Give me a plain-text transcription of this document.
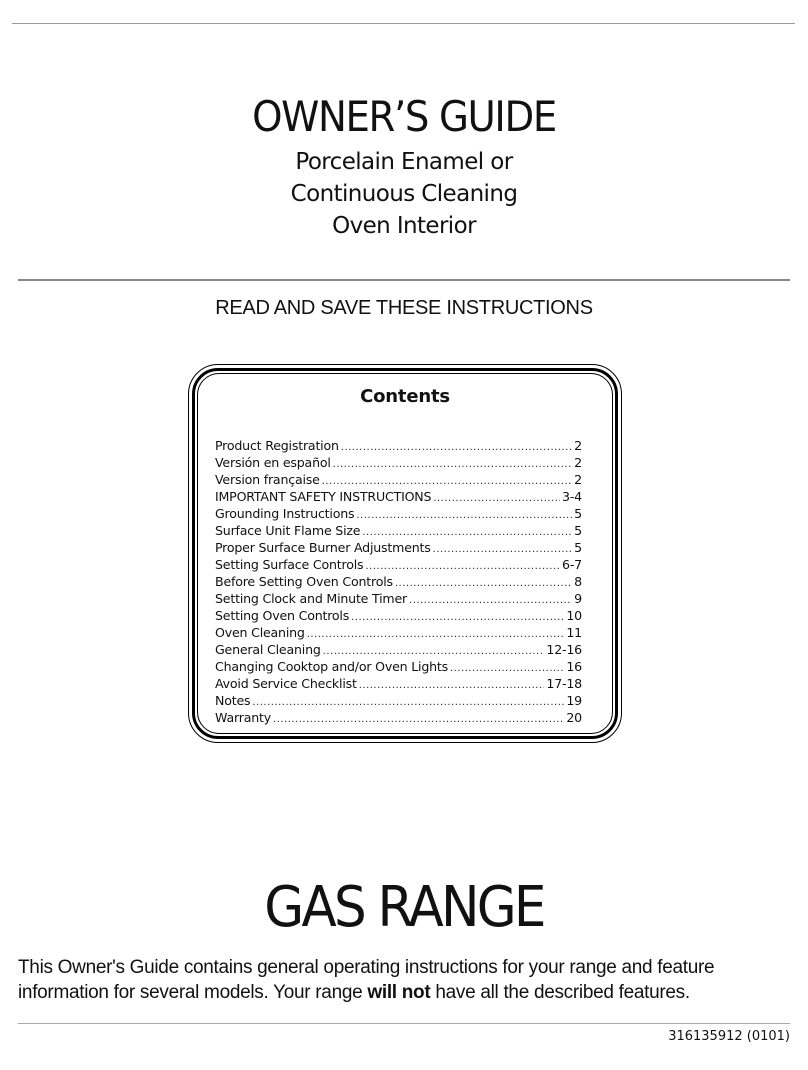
OWNER’S GUIDE
Porcelain Enamel or
Continuous Cleaning
Oven Interior
READ AND SAVE THESE INSTRUCTIONS
Contents
Product Registration .....	2
Versión en español .....	2
Version française .....	2
IMPORTANT SAFETY INSTRUCTIONS .....	3-4
Grounding Instructions .....	5
Surface Unit Flame Size .....	5
Proper Surface Burner Adjustments .....	5
Setting Surface Controls .....	6-7
Before Setting Oven Controls .....	8
Setting Clock and Minute Timer .....	9
Setting Oven Controls .....	10
Oven Cleaning .....	11
General Cleaning .....	12-16
Changing Cooktop and/or Oven Lights .....	16
Avoid Service Checklist .....	17-18
Notes .....	19
Warranty .....	20
GAS RANGE

This Owner's Guide contains general operating instructions for your range and feature information for several models. Your range will not have all the described features.

316135912 (0101)
